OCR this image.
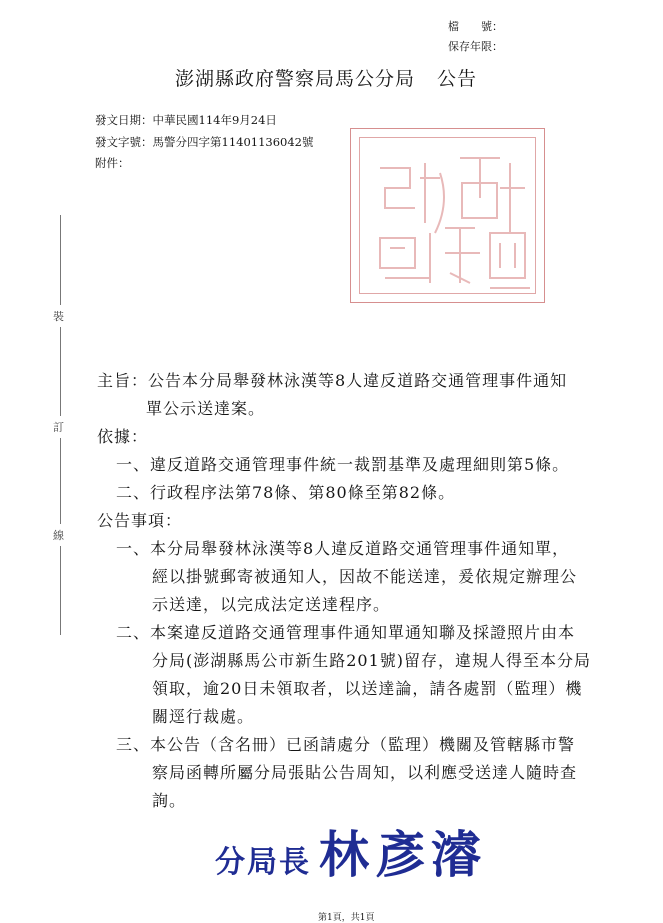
檔　　號：
保存年限：
澎湖縣政府警察局馬公分局 公告
發文日期：中華民國114年9月24日
發文字號：馬警分四字第11401136042號
附件：
裝
訂
線
主旨：公告本分局舉發林泳漢等8人違反道路交通管理事件通知
單公示送達案。
依據：
一、違反道路交通管理事件統一裁罰基準及處理細則第5條。
二、行政程序法第78條、第80條至第82條。
公告事項：
一、本分局舉發林泳漢等8人違反道路交通管理事件通知單，
經以掛號郵寄被通知人，因故不能送達，爰依規定辦理公
示送達，以完成法定送達程序。
二、本案違反道路交通管理事件通知單通知聯及採證照片由本
分局(澎湖縣馬公市新生路201號)留存，違規人得至本分局
領取，逾20日未領取者，以送達論，請各處罰（監理）機
關逕行裁處。
三、本公告（含名冊）已函請處分（監理）機關及管轄縣市警
察局函轉所屬分局張貼公告周知，以利應受送達人隨時查
詢。
分局長 林彥濬
第1頁，共1頁
